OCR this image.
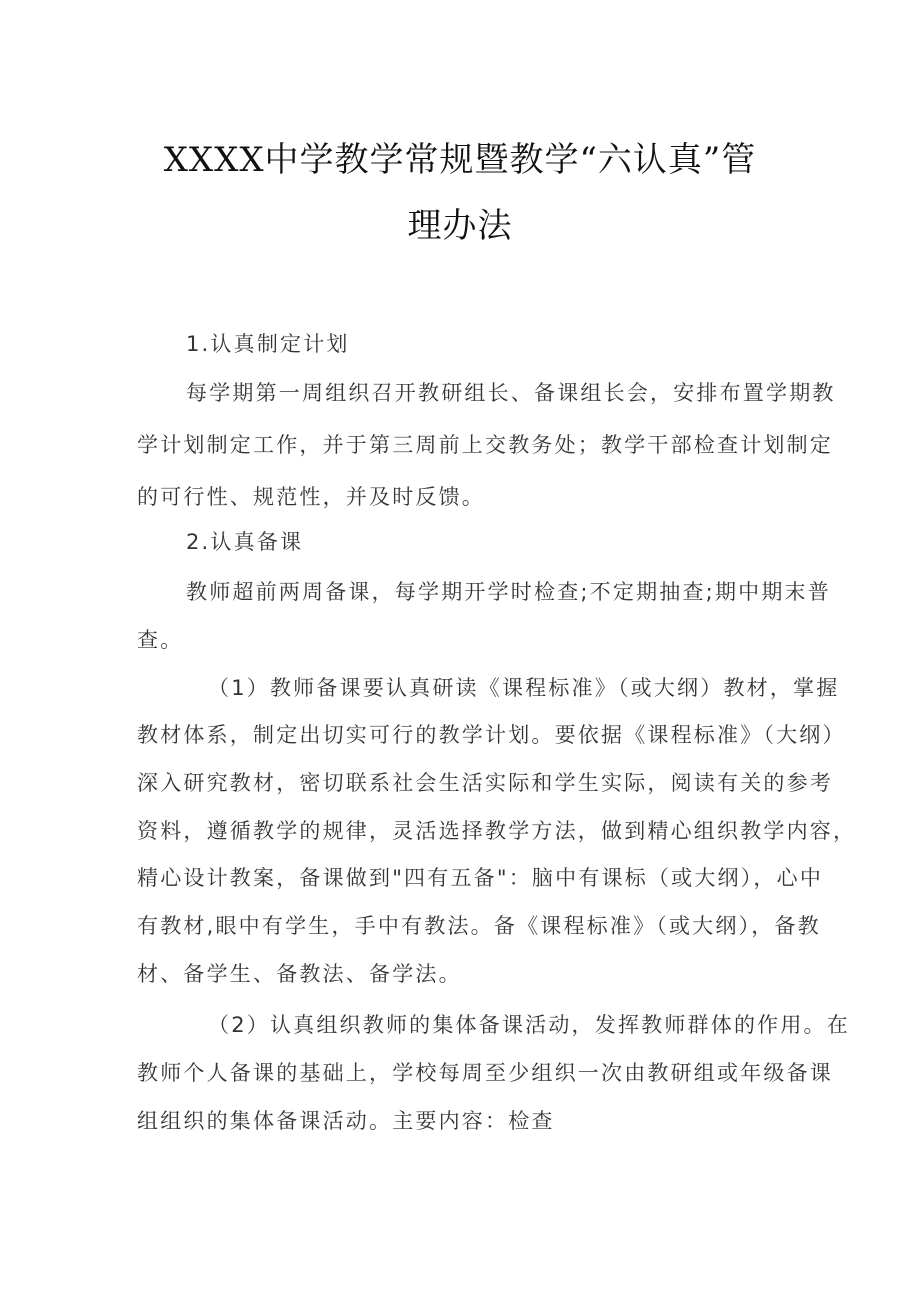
XXXX中学教学常规暨教学“六认真”管
理办法
1.认真制定计划
每学期第一周组织召开教研组长、备课组长会，安排布置学期教
学计划制定工作，并于第三周前上交教务处；教学干部检查计划制定
的可行性、规范性，并及时反馈。
2.认真备课
教师超前两周备课，每学期开学时检查;不定期抽查;期中期末普
查。
（1）教师备课要认真研读《课程标准》（或大纲）教材，掌握
教材体系，制定出切实可行的教学计划。要依据《课程标准》（大纲）
深入研究教材，密切联系社会生活实际和学生实际，阅读有关的参考
资料，遵循教学的规律，灵活选择教学方法，做到精心组织教学内容，
精心设计教案，备课做到"四有五备"：脑中有课标（或大纲），心中
有教材,眼中有学生，手中有教法。备《课程标准》（或大纲），备教
材、备学生、备教法、备学法。
（2）认真组织教师的集体备课活动，发挥教师群体的作用。在
教师个人备课的基础上，学校每周至少组织一次由教研组或年级备课
组组织的集体备课活动。主要内容：检查
